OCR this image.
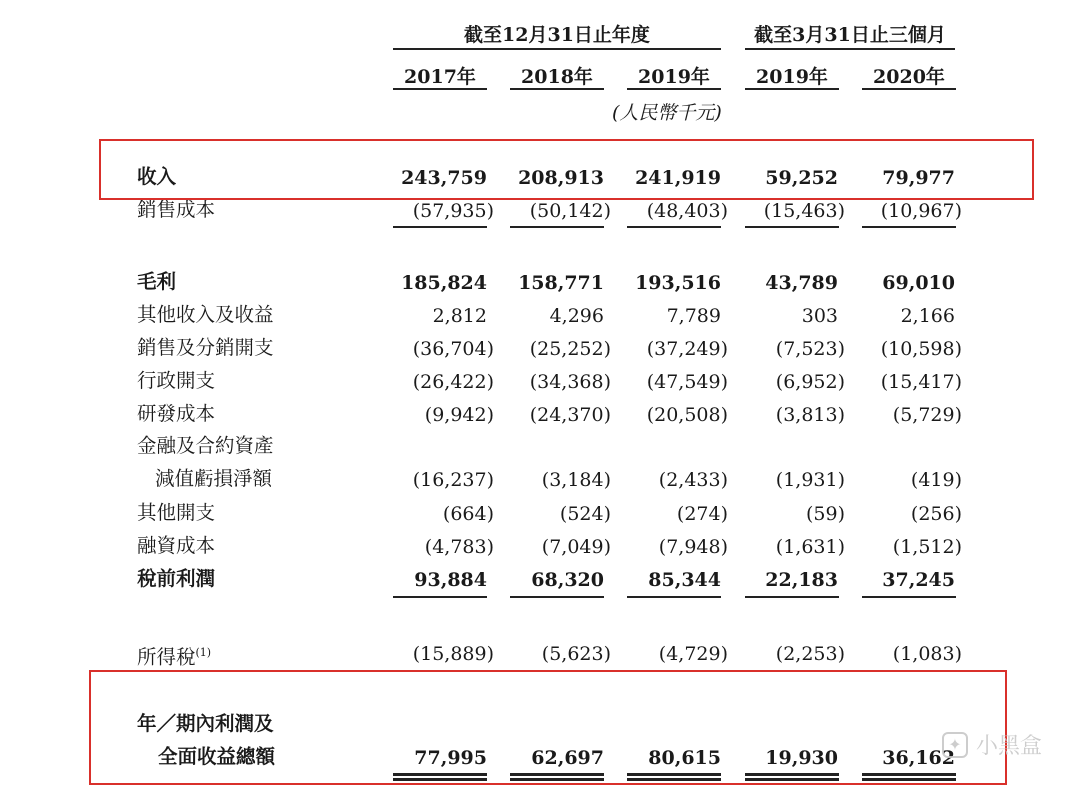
截至12月31日止年度	截至3月31日止三個月
2017年	2018年	2019年	2019年	2020年
(人民幣千元)
收入	243,759 208,913 241,919 59,252 79,977
銷售成本	(57,935) (50,142) (48,403) (15,463) (10,967)
毛利	185,824 158,771 193,516 43,789 69,010
其他收入及收益	2,812	4,296	7,789	303	2,166
銷售及分銷開支	(36,704) (25,252) (37,249)	(7,523) (10,598)
行政開支	(26,422) (34,368) (47,549)	(6,952) (15,417)
研發成本	(9,942) (24,370) (20,508)	(3,813)	(5,729)
金融及合約資產
減值虧損淨額	(16,237)	(3,184)	(2,433)	(1,931)	(419)
其他開支	(664)	(524)	(274)	(59)	(256)
融資成本	(4,783)	(7,049)	(7,948)	(1,631)	(1,512)
稅前利潤	93,884 68,320 85,344 22,183 37,245
所得稅$^{(1)}$	(15,889)	(5,623)	(4,729)	(2,253)	(1,083)
年／期內利潤及
全面收益總額	77,995 62,697 80,615 19,930 36,162
✦ 小黑盒
